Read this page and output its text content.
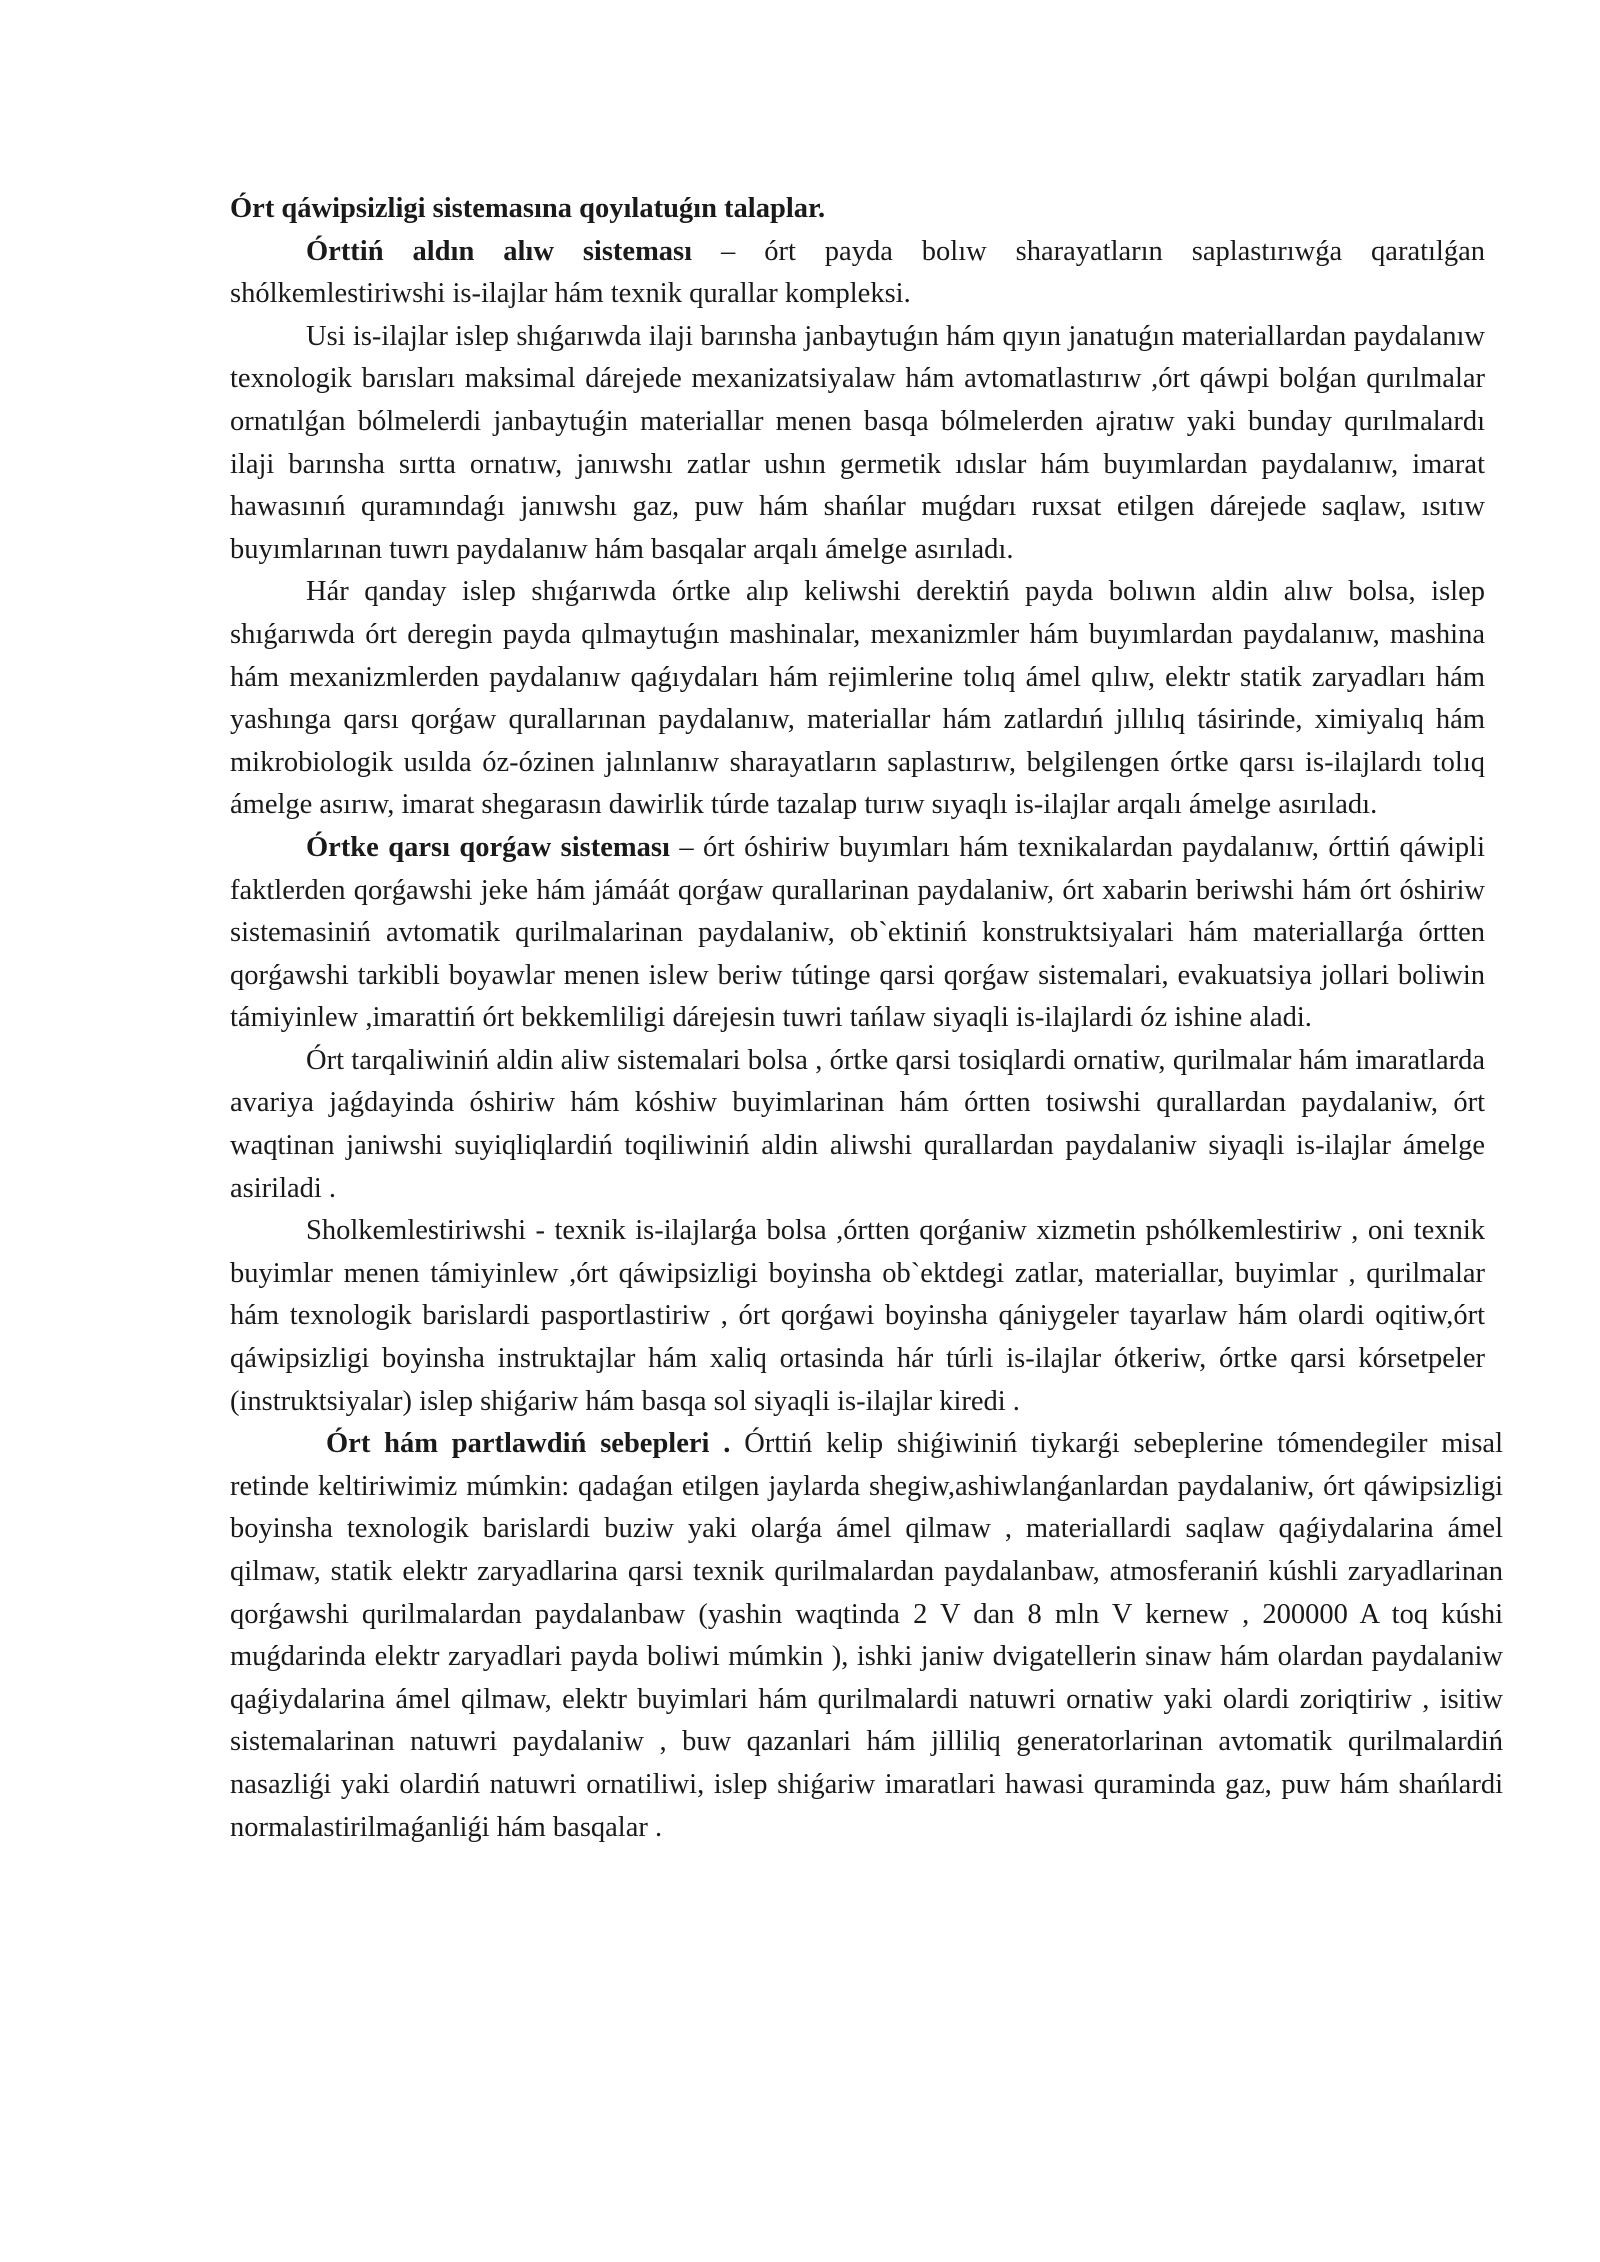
Órt qáwipsizligi sistemasına qoyılatuǵın talaplar.

Órttiń aldın alıw sisteması – órt payda bolıw sharayatların saplastırıwǵa qaratılǵan shólkemlestiriwshi is-ilajlar hám texnik qurallar kompleksi.

Usi is-ilajlar islep shıǵarıwda ilaji barınsha janbaytuǵın hám qıyın janatuǵın materiallardan paydalanıw texnologik barısları maksimal dárejede mexanizatsiyalaw hám avtomatlastırıw ,órt qáwpi bolǵan qurılmalar ornatılǵan bólmelerdi janbaytuǵin materiallar menen basqa bólmelerden ajratıw yaki bunday qurılmalardı ilaji barınsha sırtta ornatıw, janıwshı zatlar ushın germetik ıdıslar hám buyımlardan paydalanıw, imarat hawasınıń quramındaǵı janıwshı gaz, puw hám shańlar muǵdarı ruxsat etilgen dárejede saqlaw, ısıtıw buyımlarınan tuwrı paydalanıw hám basqalar arqalı ámelge asırıladı.

Hár qanday islep shıǵarıwda órtke alıp keliwshi derektiń payda bolıwın aldin alıw bolsa, islep shıǵarıwda órt deregin payda qılmaytuǵın mashinalar, mexanizmler hám buyımlardan paydalanıw, mashina hám mexanizmlerden paydalanıw qaǵıydaları hám rejimlerine tolıq ámel qılıw, elektr statik zaryadları hám yashınga qarsı qorǵaw qurallarınan paydalanıw, materiallar hám zatlardıń jıllılıq tásirinde, ximiyalıq hám mikrobiologik usılda óz-ózinen jalınlanıw sharayatların saplastırıw, belgilengen órtke qarsı is-ilajlardı tolıq ámelge asırıw, imarat shegarasın dawirlik túrde tazalap turıw sıyaqlı is-ilajlar arqalı ámelge asırıladı.

Órtke qarsı qorǵaw sisteması – órt óshiriw buyımları hám texnikalardan paydalanıw, órttiń qáwipli faktlerden qorǵawshi jeke hám jámáát qorǵaw qurallarinan paydalaniw, órt xabarin beriwshi hám órt óshiriw sistemasiniń avtomatik qurilmalarinan paydalaniw, ob`ektiniń konstruktsiyalari hám materiallarǵa órtten qorǵawshi tarkibli boyawlar menen islew beriw tútinge qarsi qorǵaw sistemalari, evakuatsiya jollari boliwin támiyinlew ,imarattiń órt bekkemliligi dárejesin tuwri tańlaw siyaqli is-ilajlardi óz ishine aladi.

Órt tarqaliwiniń aldin aliw sistemalari bolsa , órtke qarsi tosiqlardi ornatiw, qurilmalar hám imaratlarda avariya jaǵdayinda óshiriw hám kóshiw buyimlarinan hám órtten tosiwshi qurallardan paydalaniw, órt waqtinan janiwshi suyiqliqlardiń toqiliwiniń aldin aliwshi qurallardan paydalaniw siyaqli is-ilajlar ámelge asiriladi .

Sholkemlestiriwshi - texnik is-ilajlarǵa bolsa ,órtten qorǵaniw xizmetin pshólkemlestiriw , oni texnik buyimlar menen támiyinlew ,órt qáwipsizligi boyinsha ob`ektdegi zatlar, materiallar, buyimlar , qurilmalar hám texnologik barislardi pasportlastiriw , órt qorǵawi boyinsha qániygeler tayarlaw hám olardi oqitiw,órt qáwipsizligi boyinsha instruktajlar hám xaliq ortasinda hár túrli is-ilajlar ótkeriw, órtke qarsi kórsetpeler (instruktsiyalar) islep shiǵariw hám basqa sol siyaqli is-ilajlar kiredi .

Órt hám partlawdiń sebepleri . Órttiń kelip shiǵiwiniń tiykarǵi sebeplerine tómendegiler misal retinde keltiriwimiz múmkin: qadaǵan etilgen jaylarda shegiw,ashiwlanǵanlardan paydalaniw, órt qáwipsizligi boyinsha texnologik barislardi buziw yaki olarǵa ámel qilmaw , materiallardi saqlaw qaǵiydalarina ámel qilmaw, statik elektr zaryadlarina qarsi texnik qurilmalardan paydalanbaw, atmosferaniń kúshli zaryadlarinan qorǵawshi qurilmalardan paydalanbaw (yashin waqtinda 2 V dan 8 mln V kernew , 200000 A toq kúshi muǵdarinda elektr zaryadlari payda boliwi múmkin ), ishki janiw dvigatellerin sinaw hám olardan paydalaniw qaǵiydalarina ámel qilmaw, elektr buyimlari hám qurilmalardi natuwri ornatiw yaki olardi zoriqtiriw , isitiw sistemalarinan natuwri paydalaniw , buw qazanlari hám jilliliq generatorlarinan avtomatik qurilmalardiń nasazliǵi yaki olardiń natuwri ornatiliwi, islep shiǵariw imaratlari hawasi quraminda gaz, puw hám shańlardi normalastirilmaǵanliǵi hám basqalar .
